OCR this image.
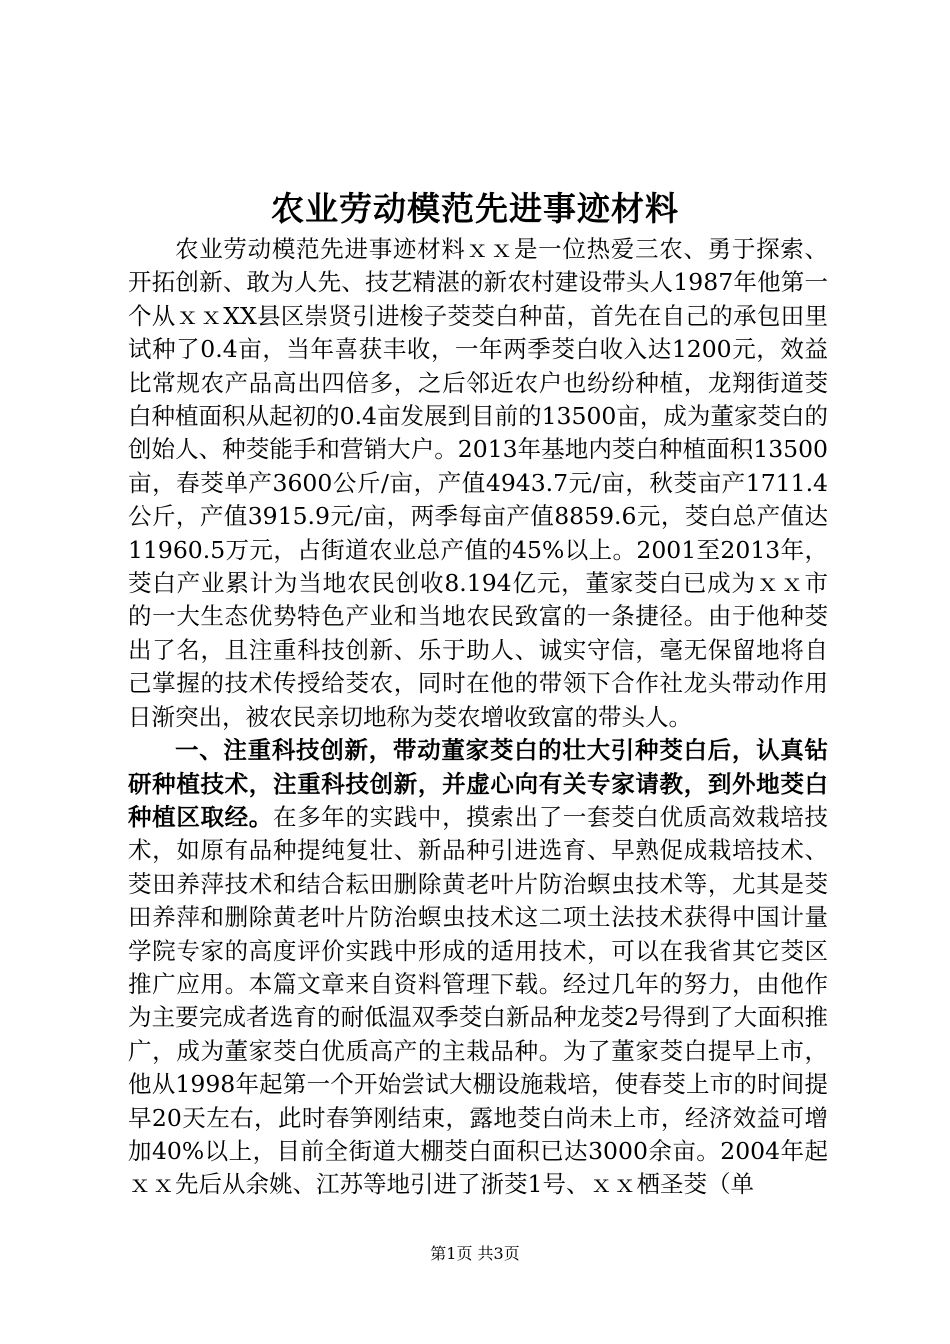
农业劳动模范先进事迹材料

农业劳动模范先进事迹材料ｘｘ是一位热爱三农、勇于探索、开拓创新、敢为人先、技艺精湛的新农村建设带头人1987年他第一个从ｘｘXX县区崇贤引进梭子茭茭白种苗，首先在自己的承包田里试种了0.4亩，当年喜获丰收，一年两季茭白收入达1200元，效益比常规农产品高出四倍多，之后邻近农户也纷纷种植，龙翔街道茭白种植面积从起初的0.4亩发展到目前的13500亩，成为董家茭白的创始人、种茭能手和营销大户。2013年基地内茭白种植面积13500亩，春茭单产3600公斤/亩，产值4943.7元/亩，秋茭亩产1711.4公斤，产值3915.9元/亩，两季每亩产值8859.6元，茭白总产值达11960.5万元，占街道农业总产值的45%以上。2001至2013年，茭白产业累计为当地农民创收8.194亿元，董家茭白已成为ｘｘ市的一大生态优势特色产业和当地农民致富的一条捷径。由于他种茭出了名，且注重科技创新、乐于助人、诚实守信，毫无保留地将自己掌握的技术传授给茭农，同时在他的带领下合作社龙头带动作用日渐突出，被农民亲切地称为茭农增收致富的带头人。

一、注重科技创新，带动董家茭白的壮大引种茭白后，认真钻研种植技术，注重科技创新，并虚心向有关专家请教，到外地茭白种植区取经。在多年的实践中，摸索出了一套茭白优质高效栽培技术，如原有品种提纯复壮、新品种引进选育、早熟促成栽培技术、茭田养萍技术和结合耘田删除黄老叶片防治螟虫技术等，尤其是茭田养萍和删除黄老叶片防治螟虫技术这二项土法技术获得中国计量学院专家的高度评价实践中形成的适用技术，可以在我省其它茭区推广应用。本篇文章来自资料管理下载。经过几年的努力，由他作为主要完成者选育的耐低温双季茭白新品种龙茭2号得到了大面积推广，成为董家茭白优质高产的主栽品种。为了董家茭白提早上市，他从1998年起第一个开始尝试大棚设施栽培，使春茭上市的时间提早20天左右，此时春笋刚结束，露地茭白尚未上市，经济效益可增加40%以上，目前全街道大棚茭白面积已达3000余亩。2004年起ｘｘ先后从余姚、江苏等地引进了浙茭1号、ｘｘ栖圣茭（单

第1页 共3页
